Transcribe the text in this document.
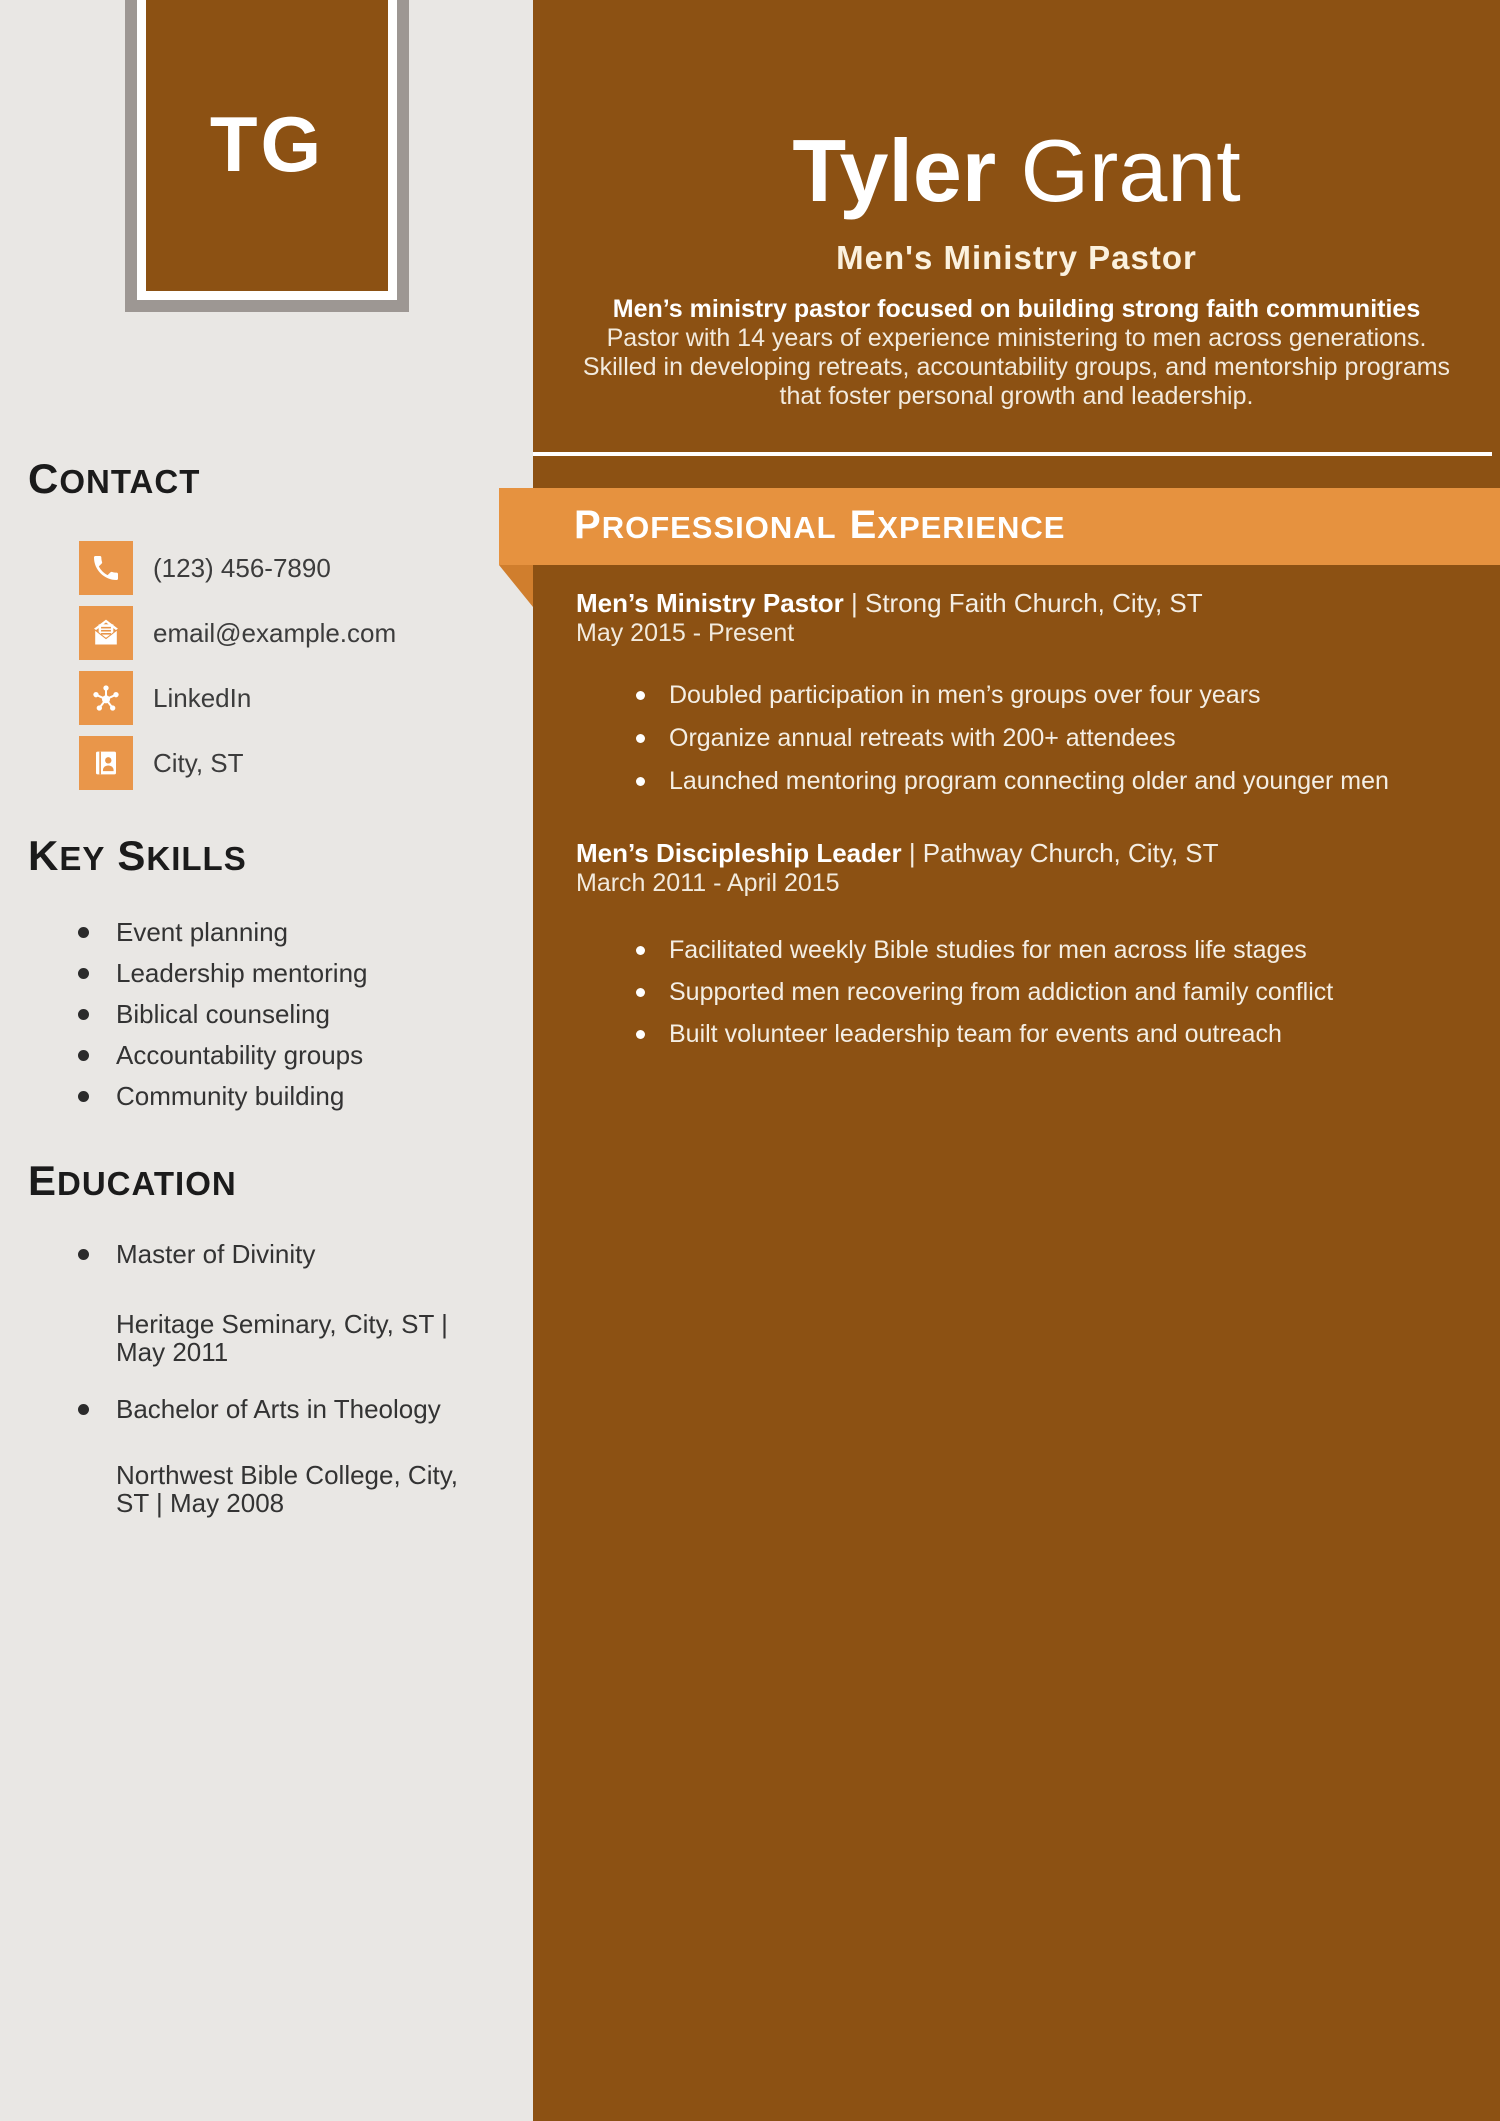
Tyler Grant
Men's Ministry Pastor
Men’s ministry pastor focused on building strong faith communities
Pastor with 14 years of experience ministering to men across generations. Skilled in developing retreats, accountability groups, and mentorship programs that foster personal growth and leadership.
PROFESSIONAL EXPERIENCE
Men’s Ministry Pastor | Strong Faith Church, City, ST
May 2015 - Present
Doubled participation in men’s groups over four years
Organize annual retreats with 200+ attendees
Launched mentoring program connecting older and younger men
Men’s Discipleship Leader | Pathway Church, City, ST
March 2011 - April 2015
Facilitated weekly Bible studies for men across life stages
Supported men recovering from addiction and family conflict
Built volunteer leadership team for events and outreach
TG
CONTACT
(123) 456-7890
email@example.com
LinkedIn
City, ST
KEY SKILLS
Event planning
Leadership mentoring
Biblical counseling
Accountability groups
Community building
EDUCATION
Master of Divinity
Heritage Seminary, City, ST | May 2011
Bachelor of Arts in Theology
Northwest Bible College, City, ST | May 2008
